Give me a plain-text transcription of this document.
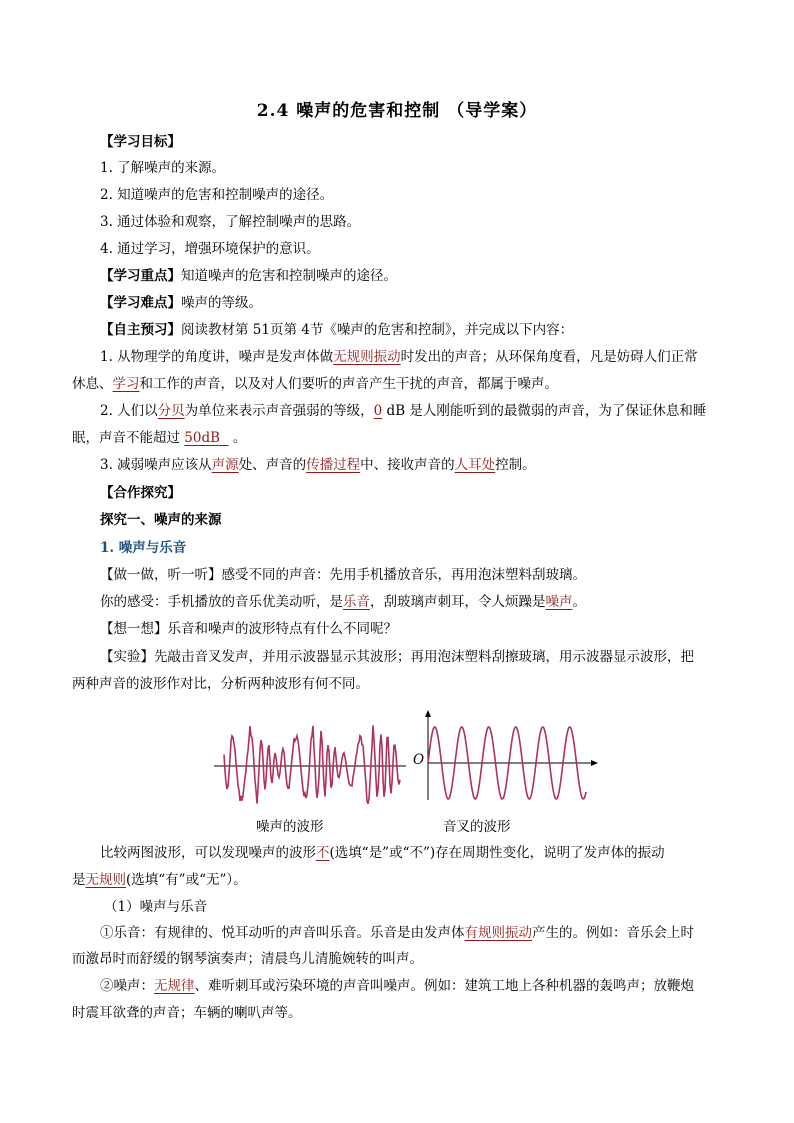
2.4 噪声的危害和控制 （导学案）
【学习目标】
1. 了解噪声的来源。
2. 知道噪声的危害和控制噪声的途径。
3. 通过体验和观察，了解控制噪声的思路。
4. 通过学习，增强环境保护的意识。
【学习重点】知道噪声的危害和控制噪声的途径。
【学习难点】噪声的等级。
【自主预习】阅读教材第 51页第 4节《噪声的危害和控制》，并完成以下内容：
1. 从物理学的角度讲，噪声是发声体做无规则振动时发出的声音；从环保角度看，凡是妨碍人们正常
休息、学习和工作的声音，以及对人们要听的声音产生干扰的声音，都属于噪声。
2. 人们以分贝为单位来表示声音强弱的等级，0 dB 是人刚能听到的最微弱的声音，为了保证休息和睡
眠，声音不能超过 50dB   。
3. 减弱噪声应该从声源处、声音的传播过程中、接收声音的人耳处控制。
【合作探究】
探究一、噪声的来源
1. 噪声与乐音
【做一做，听一听】感受不同的声音：先用手机播放音乐，再用泡沫塑料刮玻璃。
你的感受：手机播放的音乐优美动听，是乐音，刮玻璃声刺耳，令人烦躁是噪声。
【想一想】乐音和噪声的波形特点有什么不同呢？
【实验】先敲击音叉发声，并用示波器显示其波形；再用泡沫塑料刮擦玻璃，用示波器显示波形，把
两种声音的波形作对比，分析两种波形有何不同。
O
噪声的波形	音叉的波形
比较两图波形，可以发现噪声的波形不(选填“是”或“不”)存在周期性变化，说明了发声体的振动
是无规则(选填“有”或“无”）。
（1）噪声与乐音
①乐音：有规律的、悦耳动听的声音叫乐音。乐音是由发声体有规则振动产生的。例如：音乐会上时
而激昂时而舒缓的钢琴演奏声；清晨鸟儿清脆婉转的叫声。
②噪声：无规律、难听刺耳或污染环境的声音叫噪声。例如：建筑工地上各种机器的轰鸣声；放鞭炮
时震耳欲聋的声音；车辆的喇叭声等。
